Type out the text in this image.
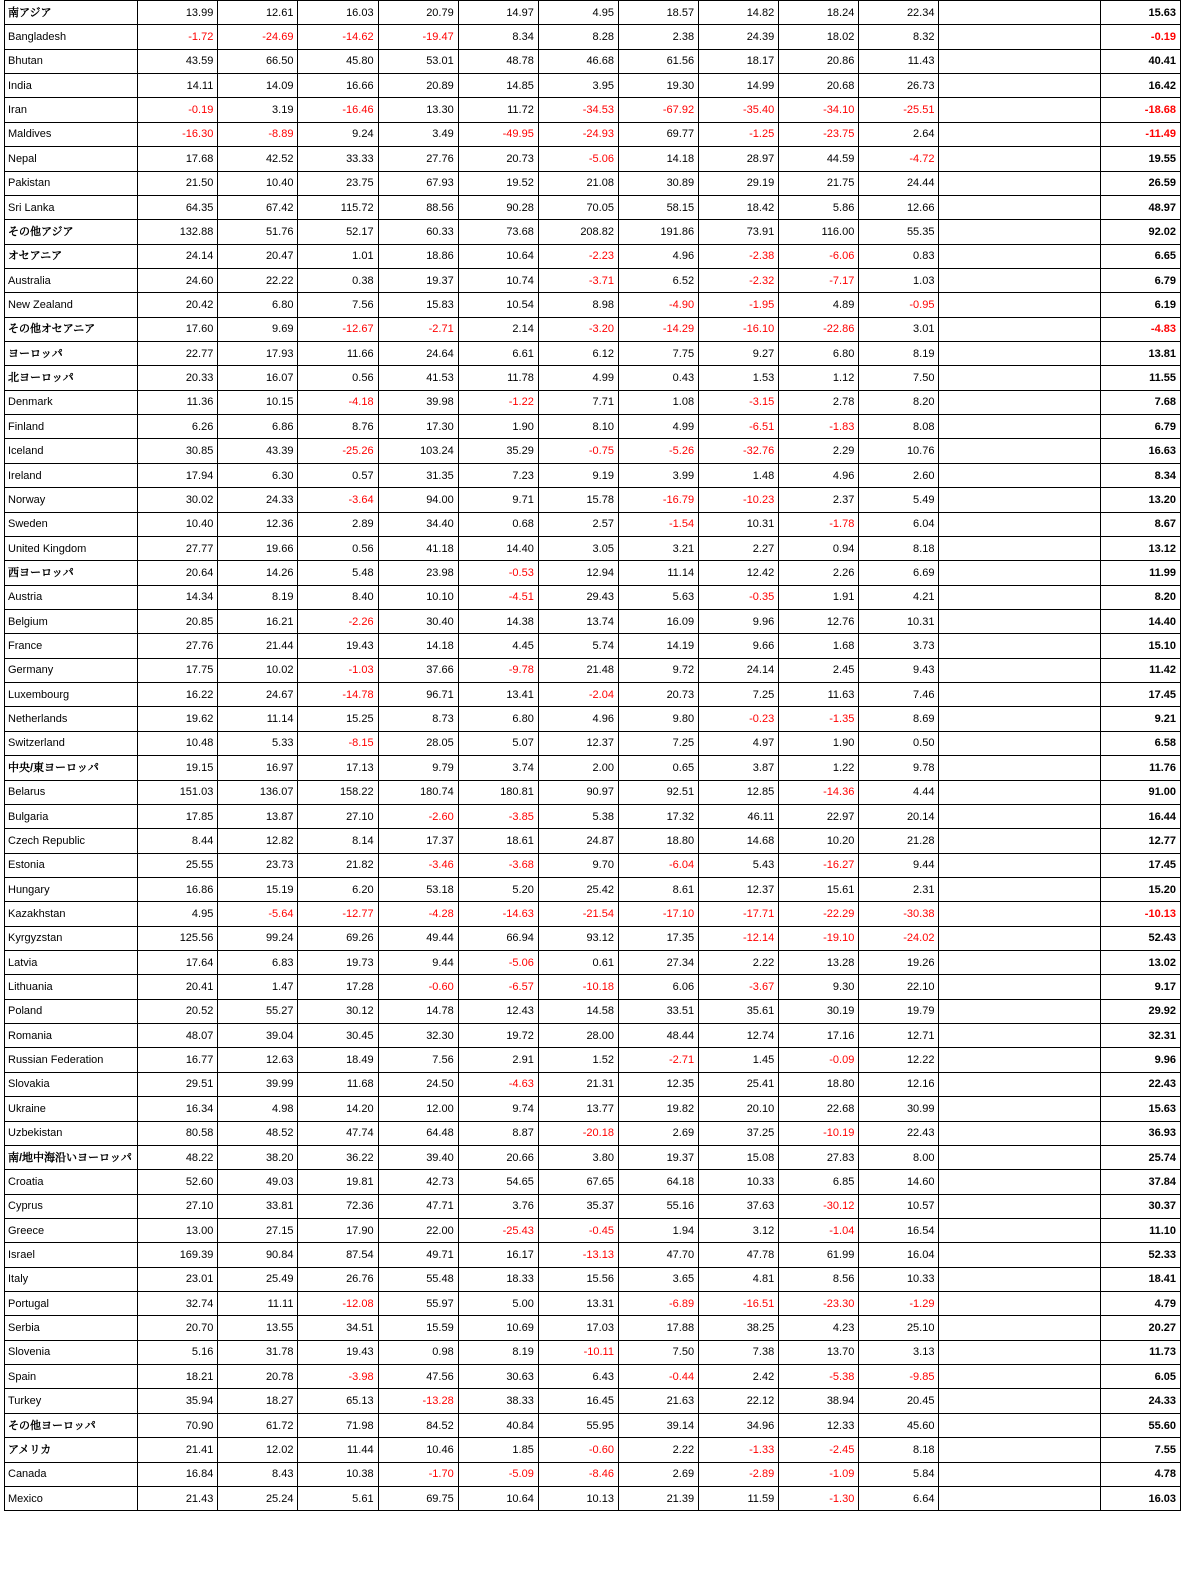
南アジア	13.99	12.61	16.03	20.79	14.97	4.95	18.57	14.82	18.24	22.34		15.63
Bangladesh	-1.72	-24.69	-14.62	-19.47	8.34	8.28	2.38	24.39	18.02	8.32		-0.19
Bhutan	43.59	66.50	45.80	53.01	48.78	46.68	61.56	18.17	20.86	11.43		40.41
India	14.11	14.09	16.66	20.89	14.85	3.95	19.30	14.99	20.68	26.73		16.42
Iran	-0.19	3.19	-16.46	13.30	11.72	-34.53	-67.92	-35.40	-34.10	-25.51		-18.68
Maldives	-16.30	-8.89	9.24	3.49	-49.95	-24.93	69.77	-1.25	-23.75	2.64		-11.49
Nepal	17.68	42.52	33.33	27.76	20.73	-5.06	14.18	28.97	44.59	-4.72		19.55
Pakistan	21.50	10.40	23.75	67.93	19.52	21.08	30.89	29.19	21.75	24.44		26.59
Sri Lanka	64.35	67.42	115.72	88.56	90.28	70.05	58.15	18.42	5.86	12.66		48.97
その他アジア	132.88	51.76	52.17	60.33	73.68	208.82	191.86	73.91	116.00	55.35		92.02
オセアニア	24.14	20.47	1.01	18.86	10.64	-2.23	4.96	-2.38	-6.06	0.83		6.65
Australia	24.60	22.22	0.38	19.37	10.74	-3.71	6.52	-2.32	-7.17	1.03		6.79
New Zealand	20.42	6.80	7.56	15.83	10.54	8.98	-4.90	-1.95	4.89	-0.95		6.19
その他オセアニア	17.60	9.69	-12.67	-2.71	2.14	-3.20	-14.29	-16.10	-22.86	3.01		-4.83
ヨーロッパ	22.77	17.93	11.66	24.64	6.61	6.12	7.75	9.27	6.80	8.19		13.81
北ヨーロッパ	20.33	16.07	0.56	41.53	11.78	4.99	0.43	1.53	1.12	7.50		11.55
Denmark	11.36	10.15	-4.18	39.98	-1.22	7.71	1.08	-3.15	2.78	8.20		7.68
Finland	6.26	6.86	8.76	17.30	1.90	8.10	4.99	-6.51	-1.83	8.08		6.79
Iceland	30.85	43.39	-25.26	103.24	35.29	-0.75	-5.26	-32.76	2.29	10.76		16.63
Ireland	17.94	6.30	0.57	31.35	7.23	9.19	3.99	1.48	4.96	2.60		8.34
Norway	30.02	24.33	-3.64	94.00	9.71	15.78	-16.79	-10.23	2.37	5.49		13.20
Sweden	10.40	12.36	2.89	34.40	0.68	2.57	-1.54	10.31	-1.78	6.04		8.67
United Kingdom	27.77	19.66	0.56	41.18	14.40	3.05	3.21	2.27	0.94	8.18		13.12
西ヨーロッパ	20.64	14.26	5.48	23.98	-0.53	12.94	11.14	12.42	2.26	6.69		11.99
Austria	14.34	8.19	8.40	10.10	-4.51	29.43	5.63	-0.35	1.91	4.21		8.20
Belgium	20.85	16.21	-2.26	30.40	14.38	13.74	16.09	9.96	12.76	10.31		14.40
France	27.76	21.44	19.43	14.18	4.45	5.74	14.19	9.66	1.68	3.73		15.10
Germany	17.75	10.02	-1.03	37.66	-9.78	21.48	9.72	24.14	2.45	9.43		11.42
Luxembourg	16.22	24.67	-14.78	96.71	13.41	-2.04	20.73	7.25	11.63	7.46		17.45
Netherlands	19.62	11.14	15.25	8.73	6.80	4.96	9.80	-0.23	-1.35	8.69		9.21
Switzerland	10.48	5.33	-8.15	28.05	5.07	12.37	7.25	4.97	1.90	0.50		6.58
中央/東ヨーロッパ	19.15	16.97	17.13	9.79	3.74	2.00	0.65	3.87	1.22	9.78		11.76
Belarus	151.03	136.07	158.22	180.74	180.81	90.97	92.51	12.85	-14.36	4.44		91.00
Bulgaria	17.85	13.87	27.10	-2.60	-3.85	5.38	17.32	46.11	22.97	20.14		16.44
Czech Republic	8.44	12.82	8.14	17.37	18.61	24.87	18.80	14.68	10.20	21.28		12.77
Estonia	25.55	23.73	21.82	-3.46	-3.68	9.70	-6.04	5.43	-16.27	9.44		17.45
Hungary	16.86	15.19	6.20	53.18	5.20	25.42	8.61	12.37	15.61	2.31		15.20
Kazakhstan	4.95	-5.64	-12.77	-4.28	-14.63	-21.54	-17.10	-17.71	-22.29	-30.38		-10.13
Kyrgyzstan	125.56	99.24	69.26	49.44	66.94	93.12	17.35	-12.14	-19.10	-24.02		52.43
Latvia	17.64	6.83	19.73	9.44	-5.06	0.61	27.34	2.22	13.28	19.26		13.02
Lithuania	20.41	1.47	17.28	-0.60	-6.57	-10.18	6.06	-3.67	9.30	22.10		9.17
Poland	20.52	55.27	30.12	14.78	12.43	14.58	33.51	35.61	30.19	19.79		29.92
Romania	48.07	39.04	30.45	32.30	19.72	28.00	48.44	12.74	17.16	12.71		32.31
Russian Federation	16.77	12.63	18.49	7.56	2.91	1.52	-2.71	1.45	-0.09	12.22		9.96
Slovakia	29.51	39.99	11.68	24.50	-4.63	21.31	12.35	25.41	18.80	12.16		22.43
Ukraine	16.34	4.98	14.20	12.00	9.74	13.77	19.82	20.10	22.68	30.99		15.63
Uzbekistan	80.58	48.52	47.74	64.48	8.87	-20.18	2.69	37.25	-10.19	22.43		36.93
南/地中海沿いヨーロッパ	48.22	38.20	36.22	39.40	20.66	3.80	19.37	15.08	27.83	8.00		25.74
Croatia	52.60	49.03	19.81	42.73	54.65	67.65	64.18	10.33	6.85	14.60		37.84
Cyprus	27.10	33.81	72.36	47.71	3.76	35.37	55.16	37.63	-30.12	10.57		30.37
Greece	13.00	27.15	17.90	22.00	-25.43	-0.45	1.94	3.12	-1.04	16.54		11.10
Israel	169.39	90.84	87.54	49.71	16.17	-13.13	47.70	47.78	61.99	16.04		52.33
Italy	23.01	25.49	26.76	55.48	18.33	15.56	3.65	4.81	8.56	10.33		18.41
Portugal	32.74	11.11	-12.08	55.97	5.00	13.31	-6.89	-16.51	-23.30	-1.29		4.79
Serbia	20.70	13.55	34.51	15.59	10.69	17.03	17.88	38.25	4.23	25.10		20.27
Slovenia	5.16	31.78	19.43	0.98	8.19	-10.11	7.50	7.38	13.70	3.13		11.73
Spain	18.21	20.78	-3.98	47.56	30.63	6.43	-0.44	2.42	-5.38	-9.85		6.05
Turkey	35.94	18.27	65.13	-13.28	38.33	16.45	21.63	22.12	38.94	20.45		24.33
その他ヨーロッパ	70.90	61.72	71.98	84.52	40.84	55.95	39.14	34.96	12.33	45.60		55.60
アメリカ	21.41	12.02	11.44	10.46	1.85	-0.60	2.22	-1.33	-2.45	8.18		7.55
Canada	16.84	8.43	10.38	-1.70	-5.09	-8.46	2.69	-2.89	-1.09	5.84		4.78
Mexico	21.43	25.24	5.61	69.75	10.64	10.13	21.39	11.59	-1.30	6.64		16.03
